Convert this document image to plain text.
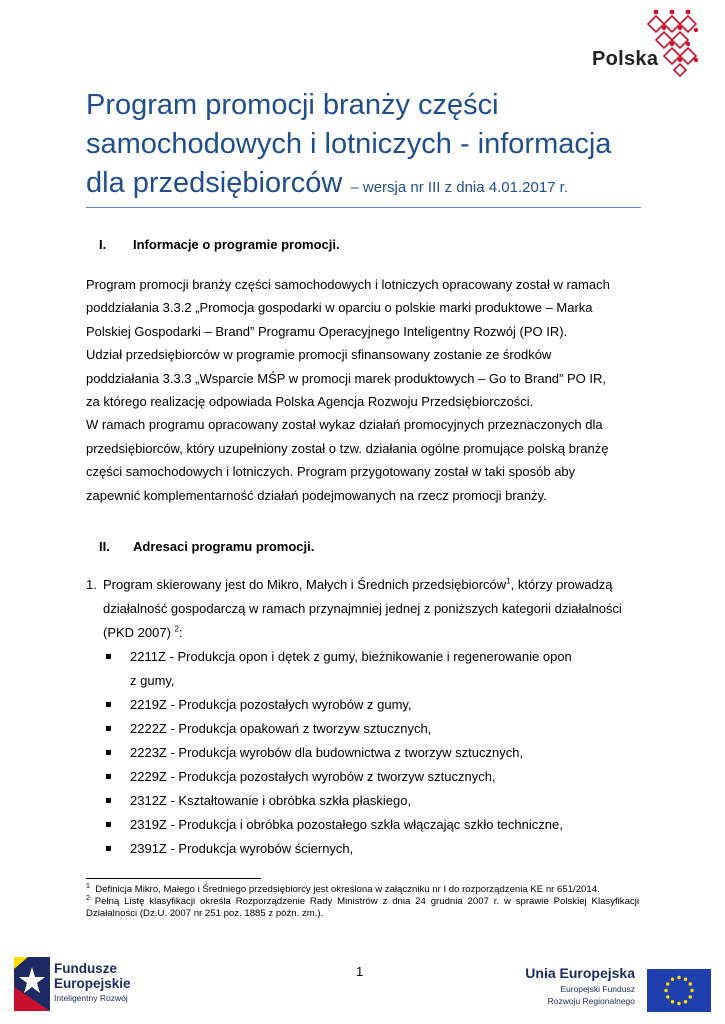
Polska
Program promocji branży części
samochodowych i lotniczych - informacja
dla przedsiębiorców – wersja nr III z dnia 4.01.2017 r.
I. Informacje o programie promocji.
Program promocji branży części samochodowych i lotniczych opracowany został w ramach
poddziałania 3.3.2 „Promocja gospodarki w oparciu o polskie marki produktowe – Marka
Polskiej Gospodarki – Brand” Programu Operacyjnego Inteligentny Rozwój (PO IR).
Udział przedsiębiorców w programie promocji sfinansowany zostanie ze środków
poddziałania 3.3.3 „Wsparcie MŚP w promocji marek produktowych – Go to Brand” PO IR,
za którego realizację odpowiada Polska Agencja Rozwoju Przedsiębiorczości.
W ramach programu opracowany został wykaz działań promocyjnych przeznaczonych dla
przedsiębiorców, który uzupełniony został o tzw. działania ogólne promujące polską branżę
części samochodowych i lotniczych. Program przygotowany został w taki sposób aby
zapewnić komplementarność działań podejmowanych na rzecz promocji branży.
II. Adresaci programu promocji.
1. Program skierowany jest do Mikro, Małych i Średnich przedsiębiorców$^1$, którzy prowadzą
działalność gospodarczą w ramach przynajmniej jednej z poniższych kategorii działalności
(PKD 2007) $^2$:
2211Z - Produkcja opon i dętek z gumy, bieżnikowanie i regenerowanie opon
z gumy,
2219Z - Produkcja pozostałych wyrobów z gumy,
2222Z - Produkcja opakowań z tworzyw sztucznych,
2223Z - Produkcja wyrobów dla budownictwa z tworzyw sztucznych,
2229Z - Produkcja pozostałych wyrobów z tworzyw sztucznych,
2312Z - Kształtowanie i obróbka szkła płaskiego,
2319Z - Produkcja i obróbka pozostałego szkła włączając szkło techniczne,
2391Z - Produkcja wyrobów ściernych,

$^1$ Definicja Mikro, Małego i Średniego przedsiębiorcy jest określona w załączniku nr I do rozporządzenia KE nr 651/2014.

$^2$ Pełną Listę klasyfikacji określa Rozporządzenie Rady Ministrów z dnia 24 grudnia 2007 r. w sprawie Polskiej Klasyfikacji Działalności (Dz.U. 2007 nr 251 poz. 1885 z późn. zm.).

1
Fundusze
Europejskie
Inteligentny Rozwój
Unia Europejska
Europejski Fundusz
Rozwoju Regionalnego
